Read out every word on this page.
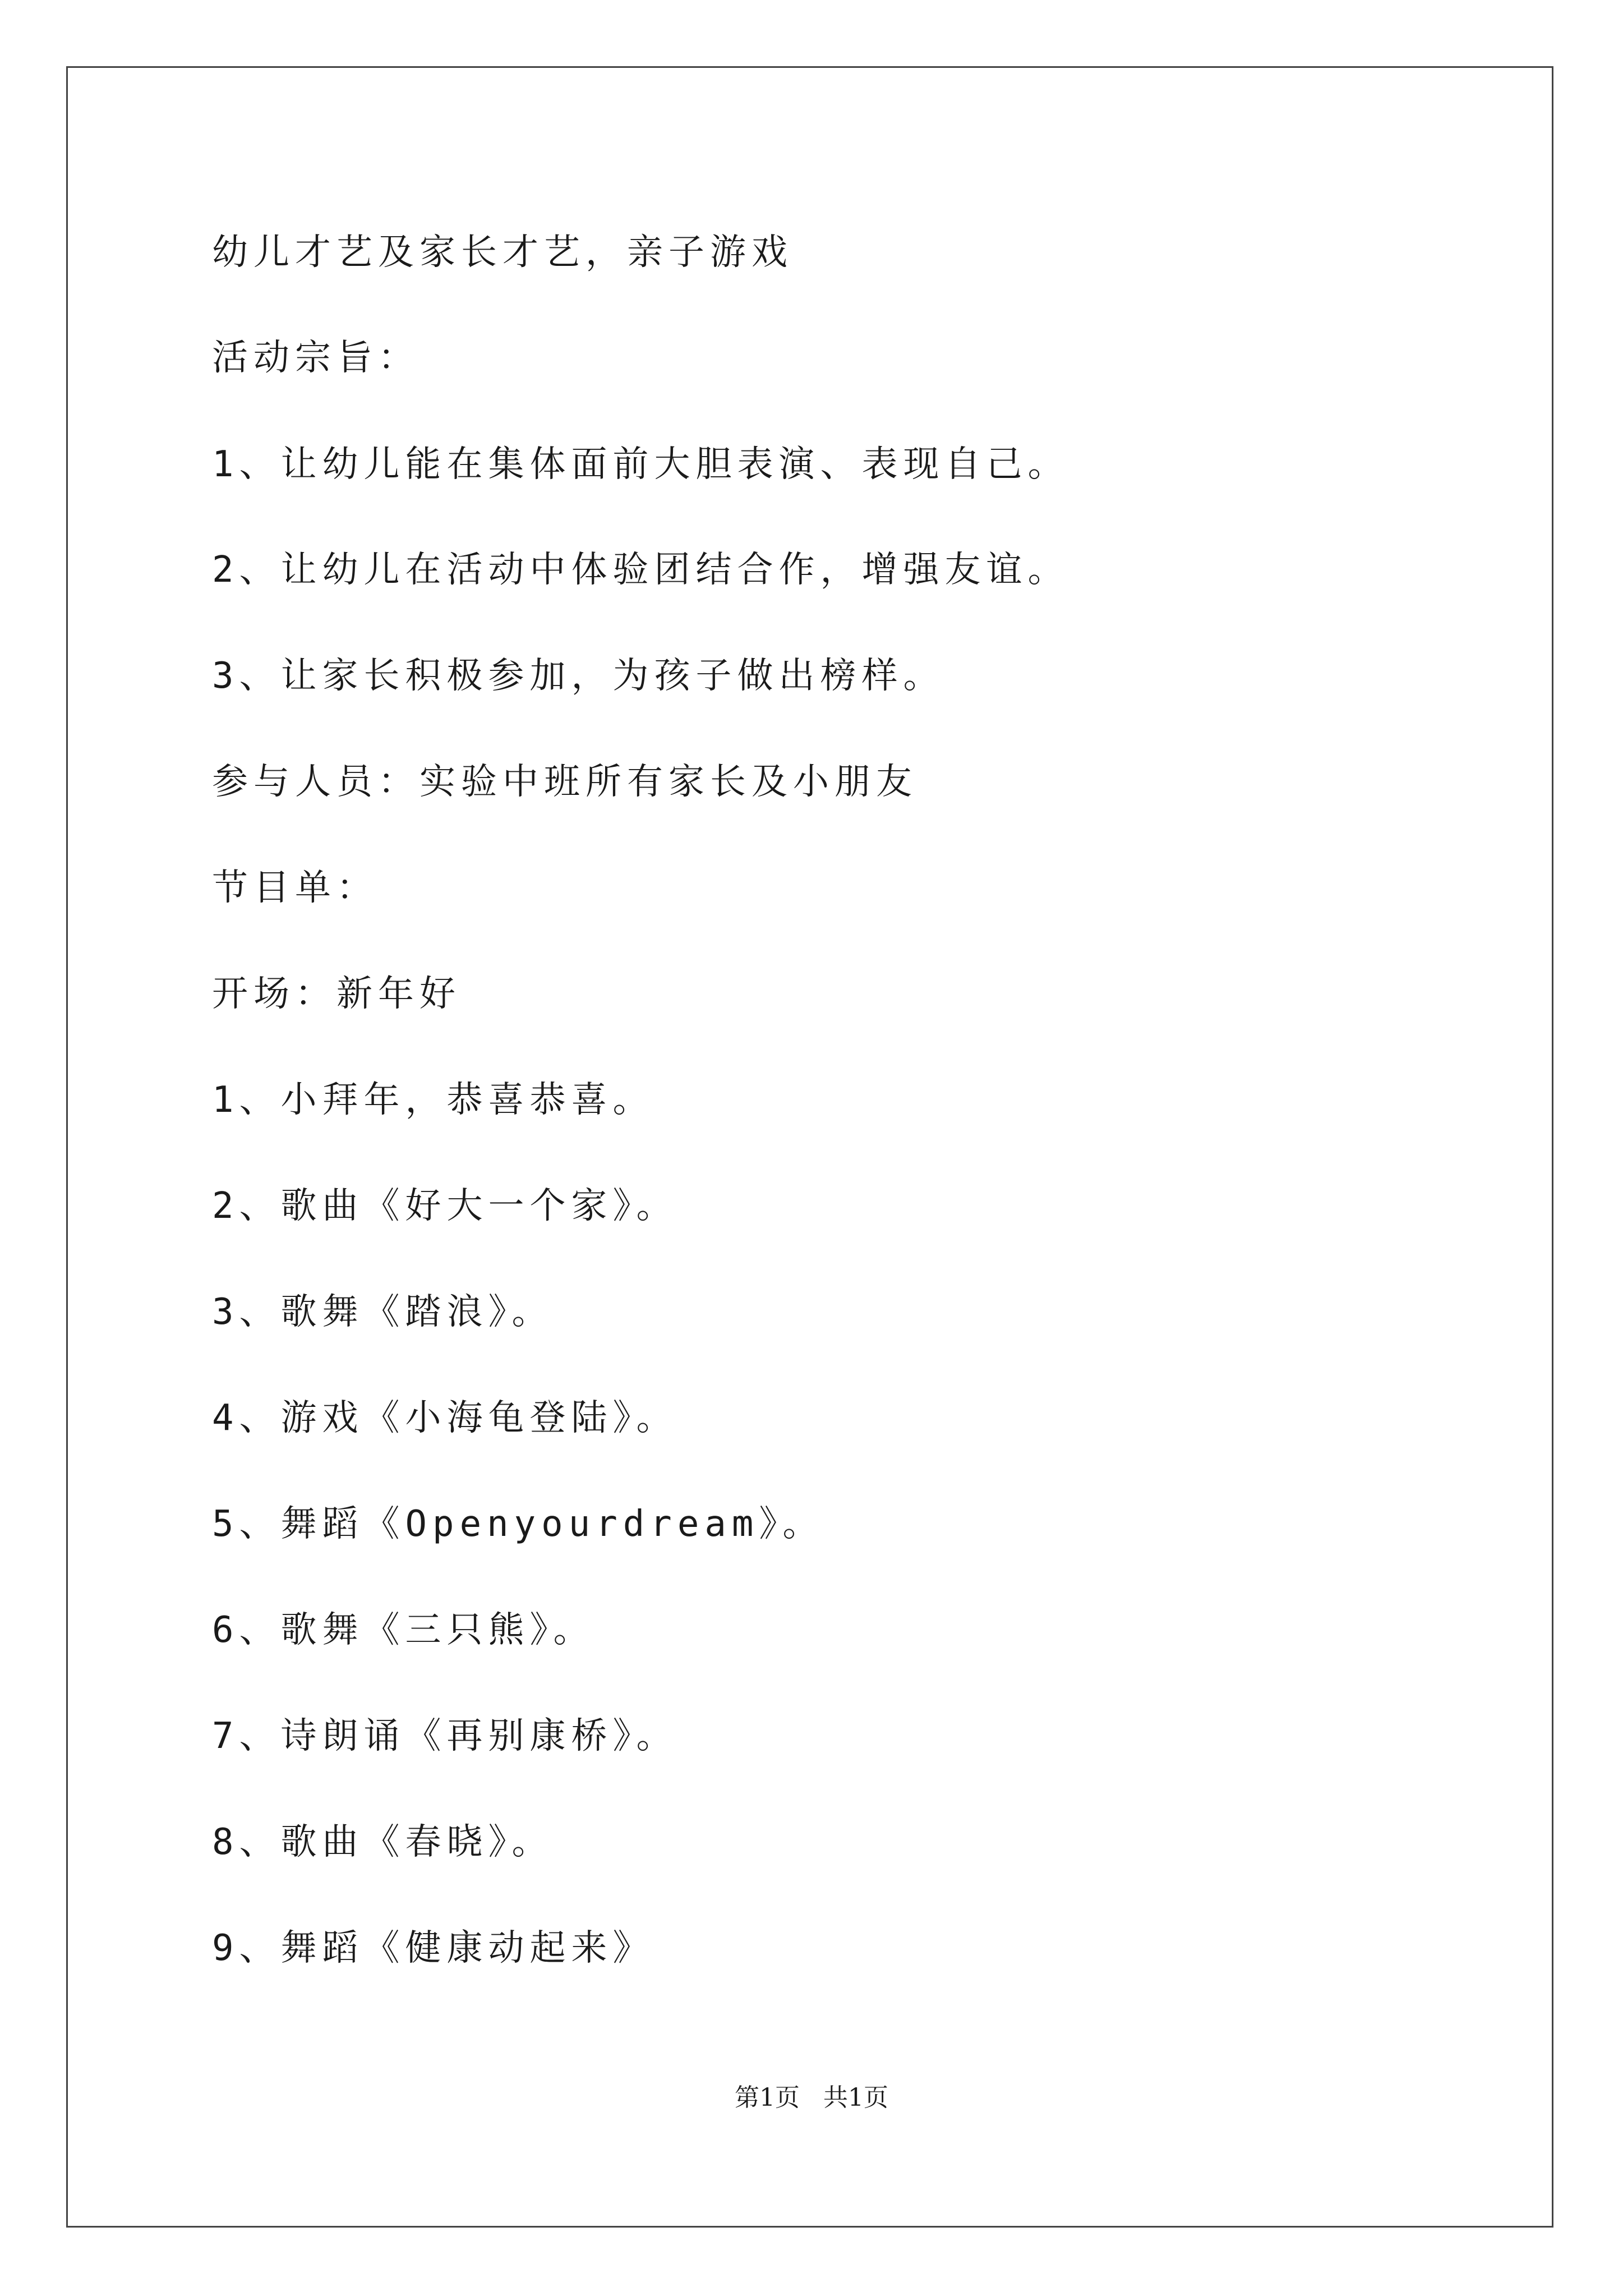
幼儿才艺及家长才艺，亲子游戏

活动宗旨：

1、让幼儿能在集体面前大胆表演、表现自己。

2、让幼儿在活动中体验团结合作，增强友谊。

3、让家长积极参加，为孩子做出榜样。

参与人员：实验中班所有家长及小朋友

节目单：

开场：新年好

1、小拜年，恭喜恭喜。

2、歌曲《好大一个家》。

3、歌舞《踏浪》。

4、游戏《小海龟登陆》。

5、舞蹈《Openyourdream》。

6、歌舞《三只熊》。

7、诗朗诵《再别康桥》。

8、歌曲《春晓》。

9、舞蹈《健康动起来》

第1页   共1页
